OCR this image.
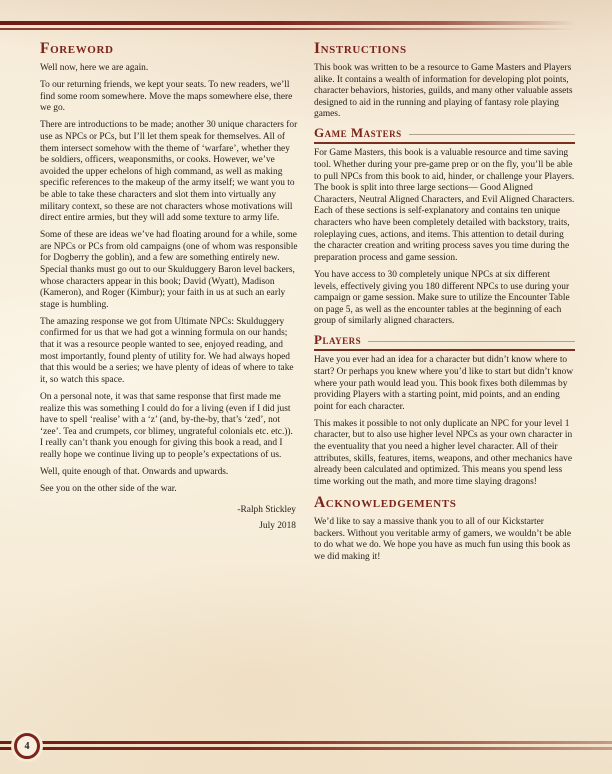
Foreword

Well now, here we are again.

To our returning friends, we kept your seats. To new readers, we’ll find some room somewhere. Move the maps somewhere else, there we go.

There are introductions to be made; another 30 unique characters for use as NPCs or PCs, but I’ll let them speak for themselves. All of them intersect somehow with the theme of ‘warfare’, whether they be soldiers, officers, weaponsmiths, or cooks. However, we’ve avoided the upper echelons of high command, as well as making specific references to the makeup of the army itself; we want you to be able to take these characters and slot them into virtually any military context, so these are not characters whose motivations will direct entire armies, but they will add some texture to army life.

Some of these are ideas we’ve had floating around for a while, some are NPCs or PCs from old campaigns (one of whom was responsible for Dogberry the goblin), and a few are something entirely new. Special thanks must go out to our Skulduggery Baron level backers, whose characters appear in this book; David (Wyatt), Madison (Kameron), and Roger (Kimbur); your faith in us at such an early stage is humbling.

The amazing response we got from Ultimate NPCs: Skulduggery confirmed for us that we had got a winning formula on our hands; that it was a resource people wanted to see, enjoyed reading, and most importantly, found plenty of utility for. We had always hoped that this would be a series; we have plenty of ideas of where to take it, so watch this space.

On a personal note, it was that same response that first made me realize this was something I could do for a living (even if I did just have to spell ‘realise’ with a ‘z’ (and, by-the-by, that’s ‘zed’, not ‘zee’. Tea and crumpets, cor blimey, ungrateful colonials etc. etc.)). I really can’t thank you enough for giving this book a read, and I really hope we continue living up to people’s expectations of us.

Well, quite enough of that. Onwards and upwards.

See you on the other side of the war.

-Ralph Stickley
July 2018
Instructions

This book was written to be a resource to Game Masters and Players alike. It contains a wealth of information for developing plot points, character behaviors, histories, guilds, and many other valuable assets designed to aid in the running and playing of fantasy role playing games.

Game Masters

For Game Masters, this book is a valuable resource and time saving tool. Whether during your pre-game prep or on the fly, you’ll be able to pull NPCs from this book to aid, hinder, or challenge your Players. The book is split into three large sections— Good Aligned Characters, Neutral Aligned Characters, and Evil Aligned Characters. Each of these sections is self-explanatory and contains ten unique characters who have been completely detailed with backstory, traits, roleplaying cues, actions, and items. This attention to detail during the character creation and writing process saves you time during the preparation process and game session.

You have access to 30 completely unique NPCs at six different levels, effectively giving you 180 different NPCs to use during your campaign or game session. Make sure to utilize the Encounter Table on page 5, as well as the encounter tables at the beginning of each group of similarly aligned characters.

Players

Have you ever had an idea for a character but didn’t know where to start? Or perhaps you knew where you’d like to start but didn’t know where your path would lead you. This book fixes both dilemmas by providing Players with a starting point, mid points, and an ending point for each character.

This makes it possible to not only duplicate an NPC for your level 1 character, but to also use higher level NPCs as your own character in the eventuality that you need a higher level character. All of their attributes, skills, features, items, weapons, and other mechanics have already been calculated and optimized. This means you spend less time working out the math, and more time slaying dragons!

Acknowledgements

We’d like to say a massive thank you to all of our Kickstarter backers. Without you veritable army of gamers, we wouldn’t be able to do what we do. We hope you have as much fun using this book as we did making it!

4
